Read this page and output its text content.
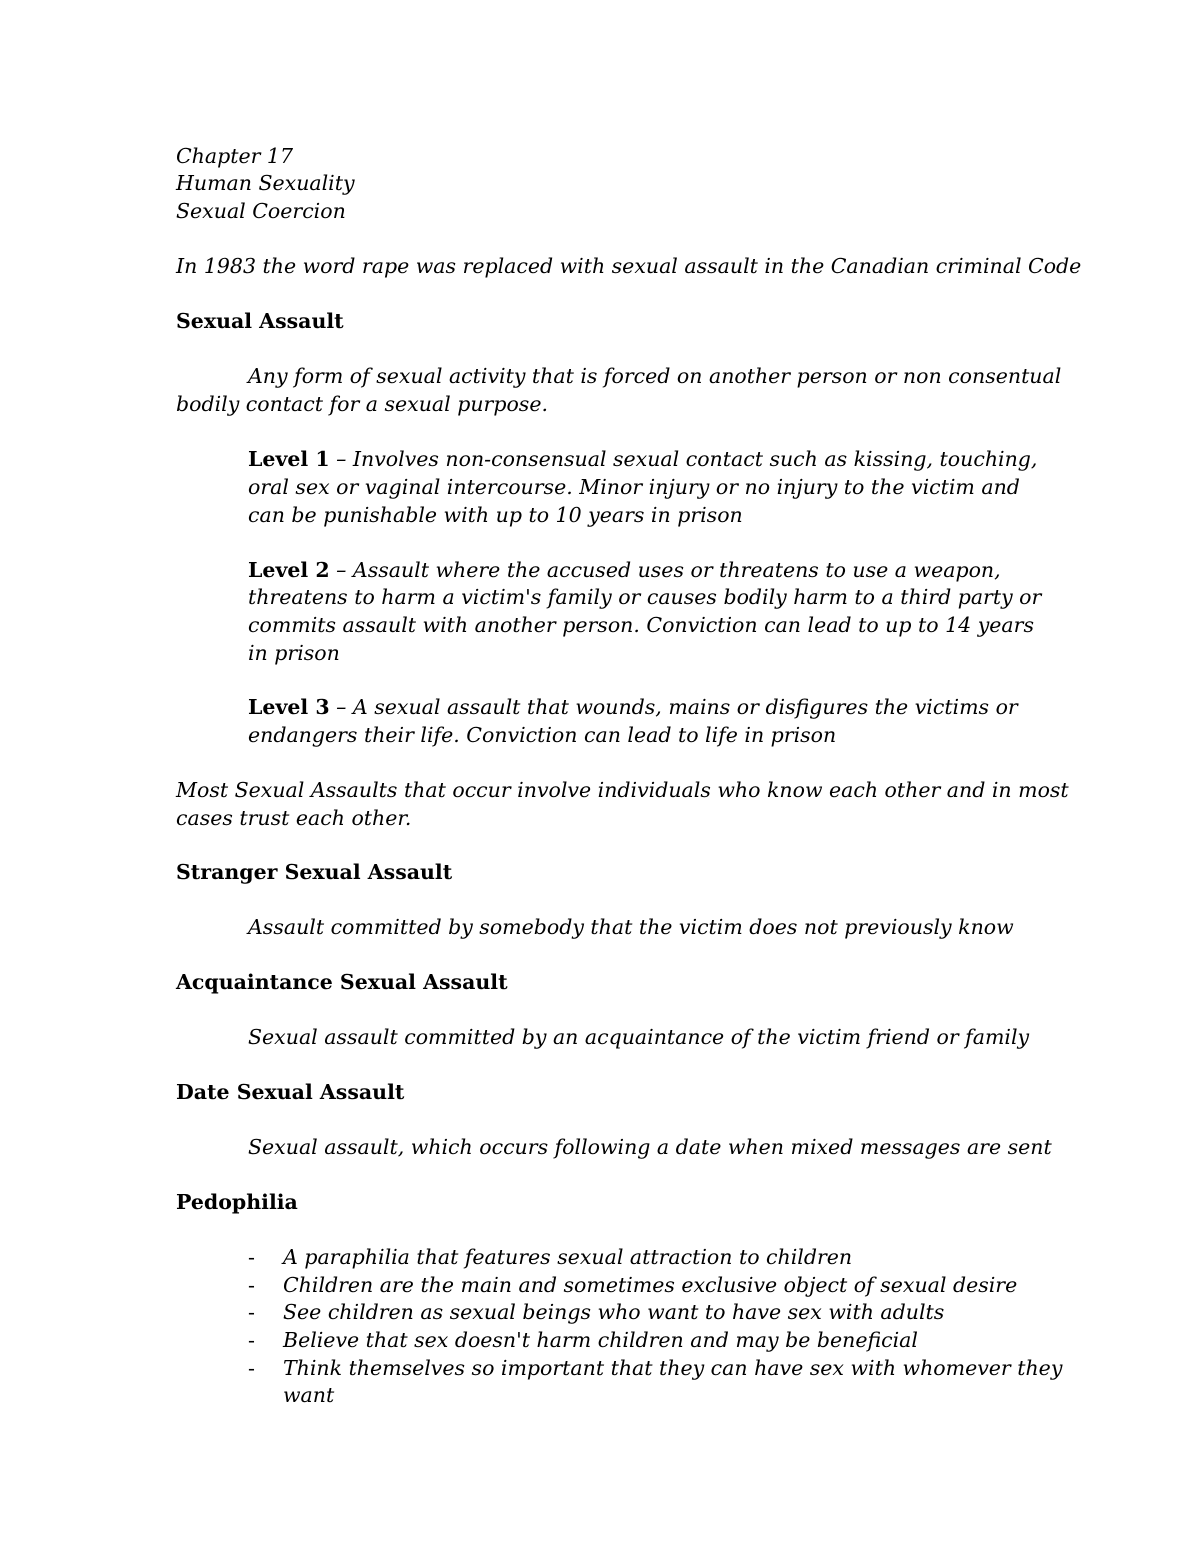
Chapter 17
Human Sexuality
Sexual Coercion
In 1983 the word rape was replaced with sexual assault in the Canadian criminal Code
Sexual Assault
Any form of sexual activity that is forced on another person or non consentual
bodily contact for a sexual purpose.
Level 1 – Involves non-consensual sexual contact such as kissing, touching,
oral sex or vaginal intercourse. Minor injury or no injury to the victim and
can be punishable with up to 10 years in prison
Level 2 – Assault where the accused uses or threatens to use a weapon,
threatens to harm a victim's family or causes bodily harm to a third party or
commits assault with another person. Conviction can lead to up to 14 years
in prison
Level 3 – A sexual assault that wounds, mains or disfigures the victims or
endangers their life. Conviction can lead to life in prison
Most Sexual Assaults that occur involve individuals who know each other and in most
cases trust each other.
Stranger Sexual Assault
Assault committed by somebody that the victim does not previously know
Acquaintance Sexual Assault
Sexual assault committed by an acquaintance of the victim friend or family
Date Sexual Assault
Sexual assault, which occurs following a date when mixed messages are sent
Pedophilia
- A paraphilia that features sexual attraction to children
- Children are the main and sometimes exclusive object of sexual desire
- See children as sexual beings who want to have sex with adults
- Believe that sex doesn't harm children and may be beneficial
- Think themselves so important that they can have sex with whomever they
want
